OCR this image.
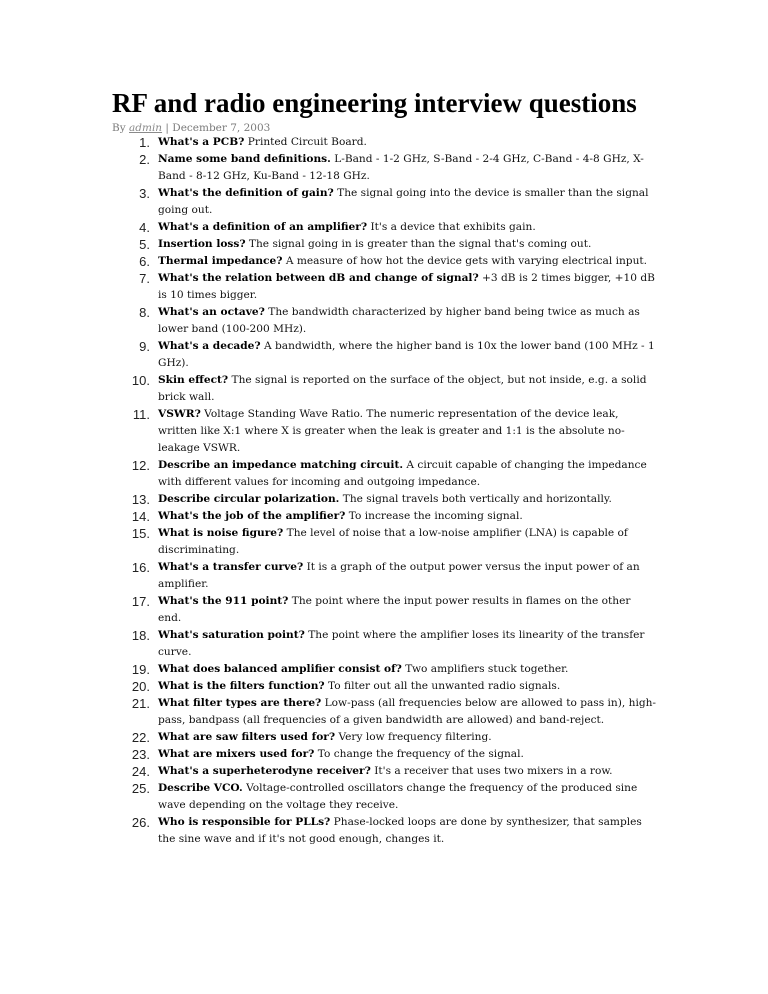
RF and radio engineering interview questions
By admin | December 7, 2003
1. What's a PCB? Printed Circuit Board.
2. Name some band definitions. L-Band - 1-2 GHz, S-Band - 2-4 GHz, C-Band - 4-8 GHz, X-Band - 8-12 GHz, Ku-Band - 12-18 GHz.
3. What's the definition of gain? The signal going into the device is smaller than the signal going out.
4. What's a definition of an amplifier? It's a device that exhibits gain.
5. Insertion loss? The signal going in is greater than the signal that's coming out.
6. Thermal impedance? A measure of how hot the device gets with varying electrical input.
7. What's the relation between dB and change of signal? +3 dB is 2 times bigger, +10 dB is 10 times bigger.
8. What's an octave? The bandwidth characterized by higher band being twice as much as lower band (100-200 MHz).
9. What's a decade? A bandwidth, where the higher band is 10x the lower band (100 MHz - 1 GHz).
10. Skin effect? The signal is reported on the surface of the object, but not inside, e.g. a solid brick wall.
11. VSWR? Voltage Standing Wave Ratio. The numeric representation of the device leak, written like X:1 where X is greater when the leak is greater and 1:1 is the absolute no-leakage VSWR.
12. Describe an impedance matching circuit. A circuit capable of changing the impedance with different values for incoming and outgoing impedance.
13. Describe circular polarization. The signal travels both vertically and horizontally.
14. What's the job of the amplifier? To increase the incoming signal.
15. What is noise figure? The level of noise that a low-noise amplifier (LNA) is capable of discriminating.
16. What's a transfer curve? It is a graph of the output power versus the input power of an amplifier.
17. What's the 911 point? The point where the input power results in flames on the other end.
18. What's saturation point? The point where the amplifier loses its linearity of the transfer curve.
19. What does balanced amplifier consist of? Two amplifiers stuck together.
20. What is the filters function? To filter out all the unwanted radio signals.
21. What filter types are there? Low-pass (all frequencies below are allowed to pass in), high-pass, bandpass (all frequencies of a given bandwidth are allowed) and band-reject.
22. What are saw filters used for? Very low frequency filtering.
23. What are mixers used for? To change the frequency of the signal.
24. What's a superheterodyne receiver? It's a receiver that uses two mixers in a row.
25. Describe VCO. Voltage-controlled oscillators change the frequency of the produced sine wave depending on the voltage they receive.
26. Who is responsible for PLLs? Phase-locked loops are done by synthesizer, that samples the sine wave and if it's not good enough, changes it.
